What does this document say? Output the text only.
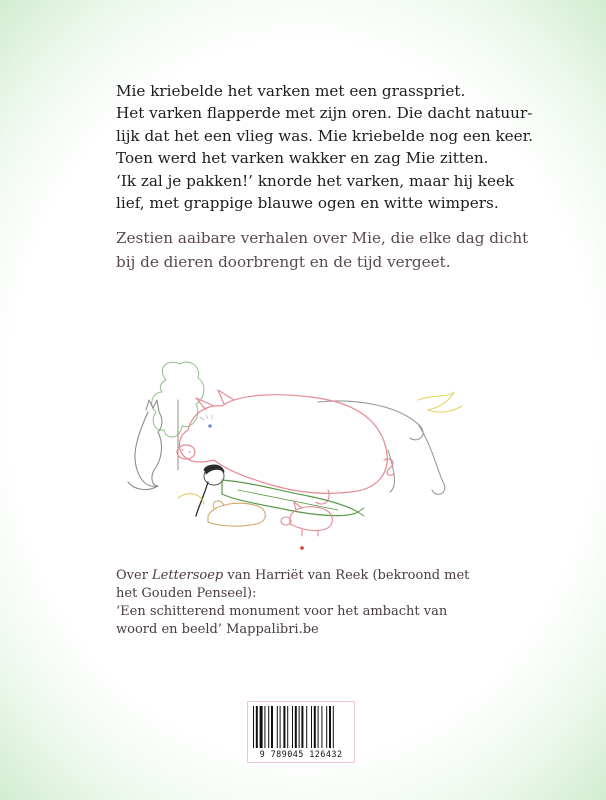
Mie kriebelde het varken met een grasspriet.

Het varken flapperde met zijn oren. Die dacht natuur-

lijk dat het een vlieg was. Mie kriebelde nog een keer.

Toen werd het varken wakker en zag Mie zitten.

‘Ik zal je pakken!’ knorde het varken, maar hij keek

lief, met grappige blauwe ogen en witte wimpers.

Zestien aaibare verhalen over Mie, die elke dag dicht

bij de dieren doorbrengt en de tijd vergeet.

Over Lettersoep van Harriët van Reek (bekroond met
het Gouden Penseel):
‘Een schitterend monument voor het ambacht van
woord en beeld’ Mappalibri.be
9 789045 126432
